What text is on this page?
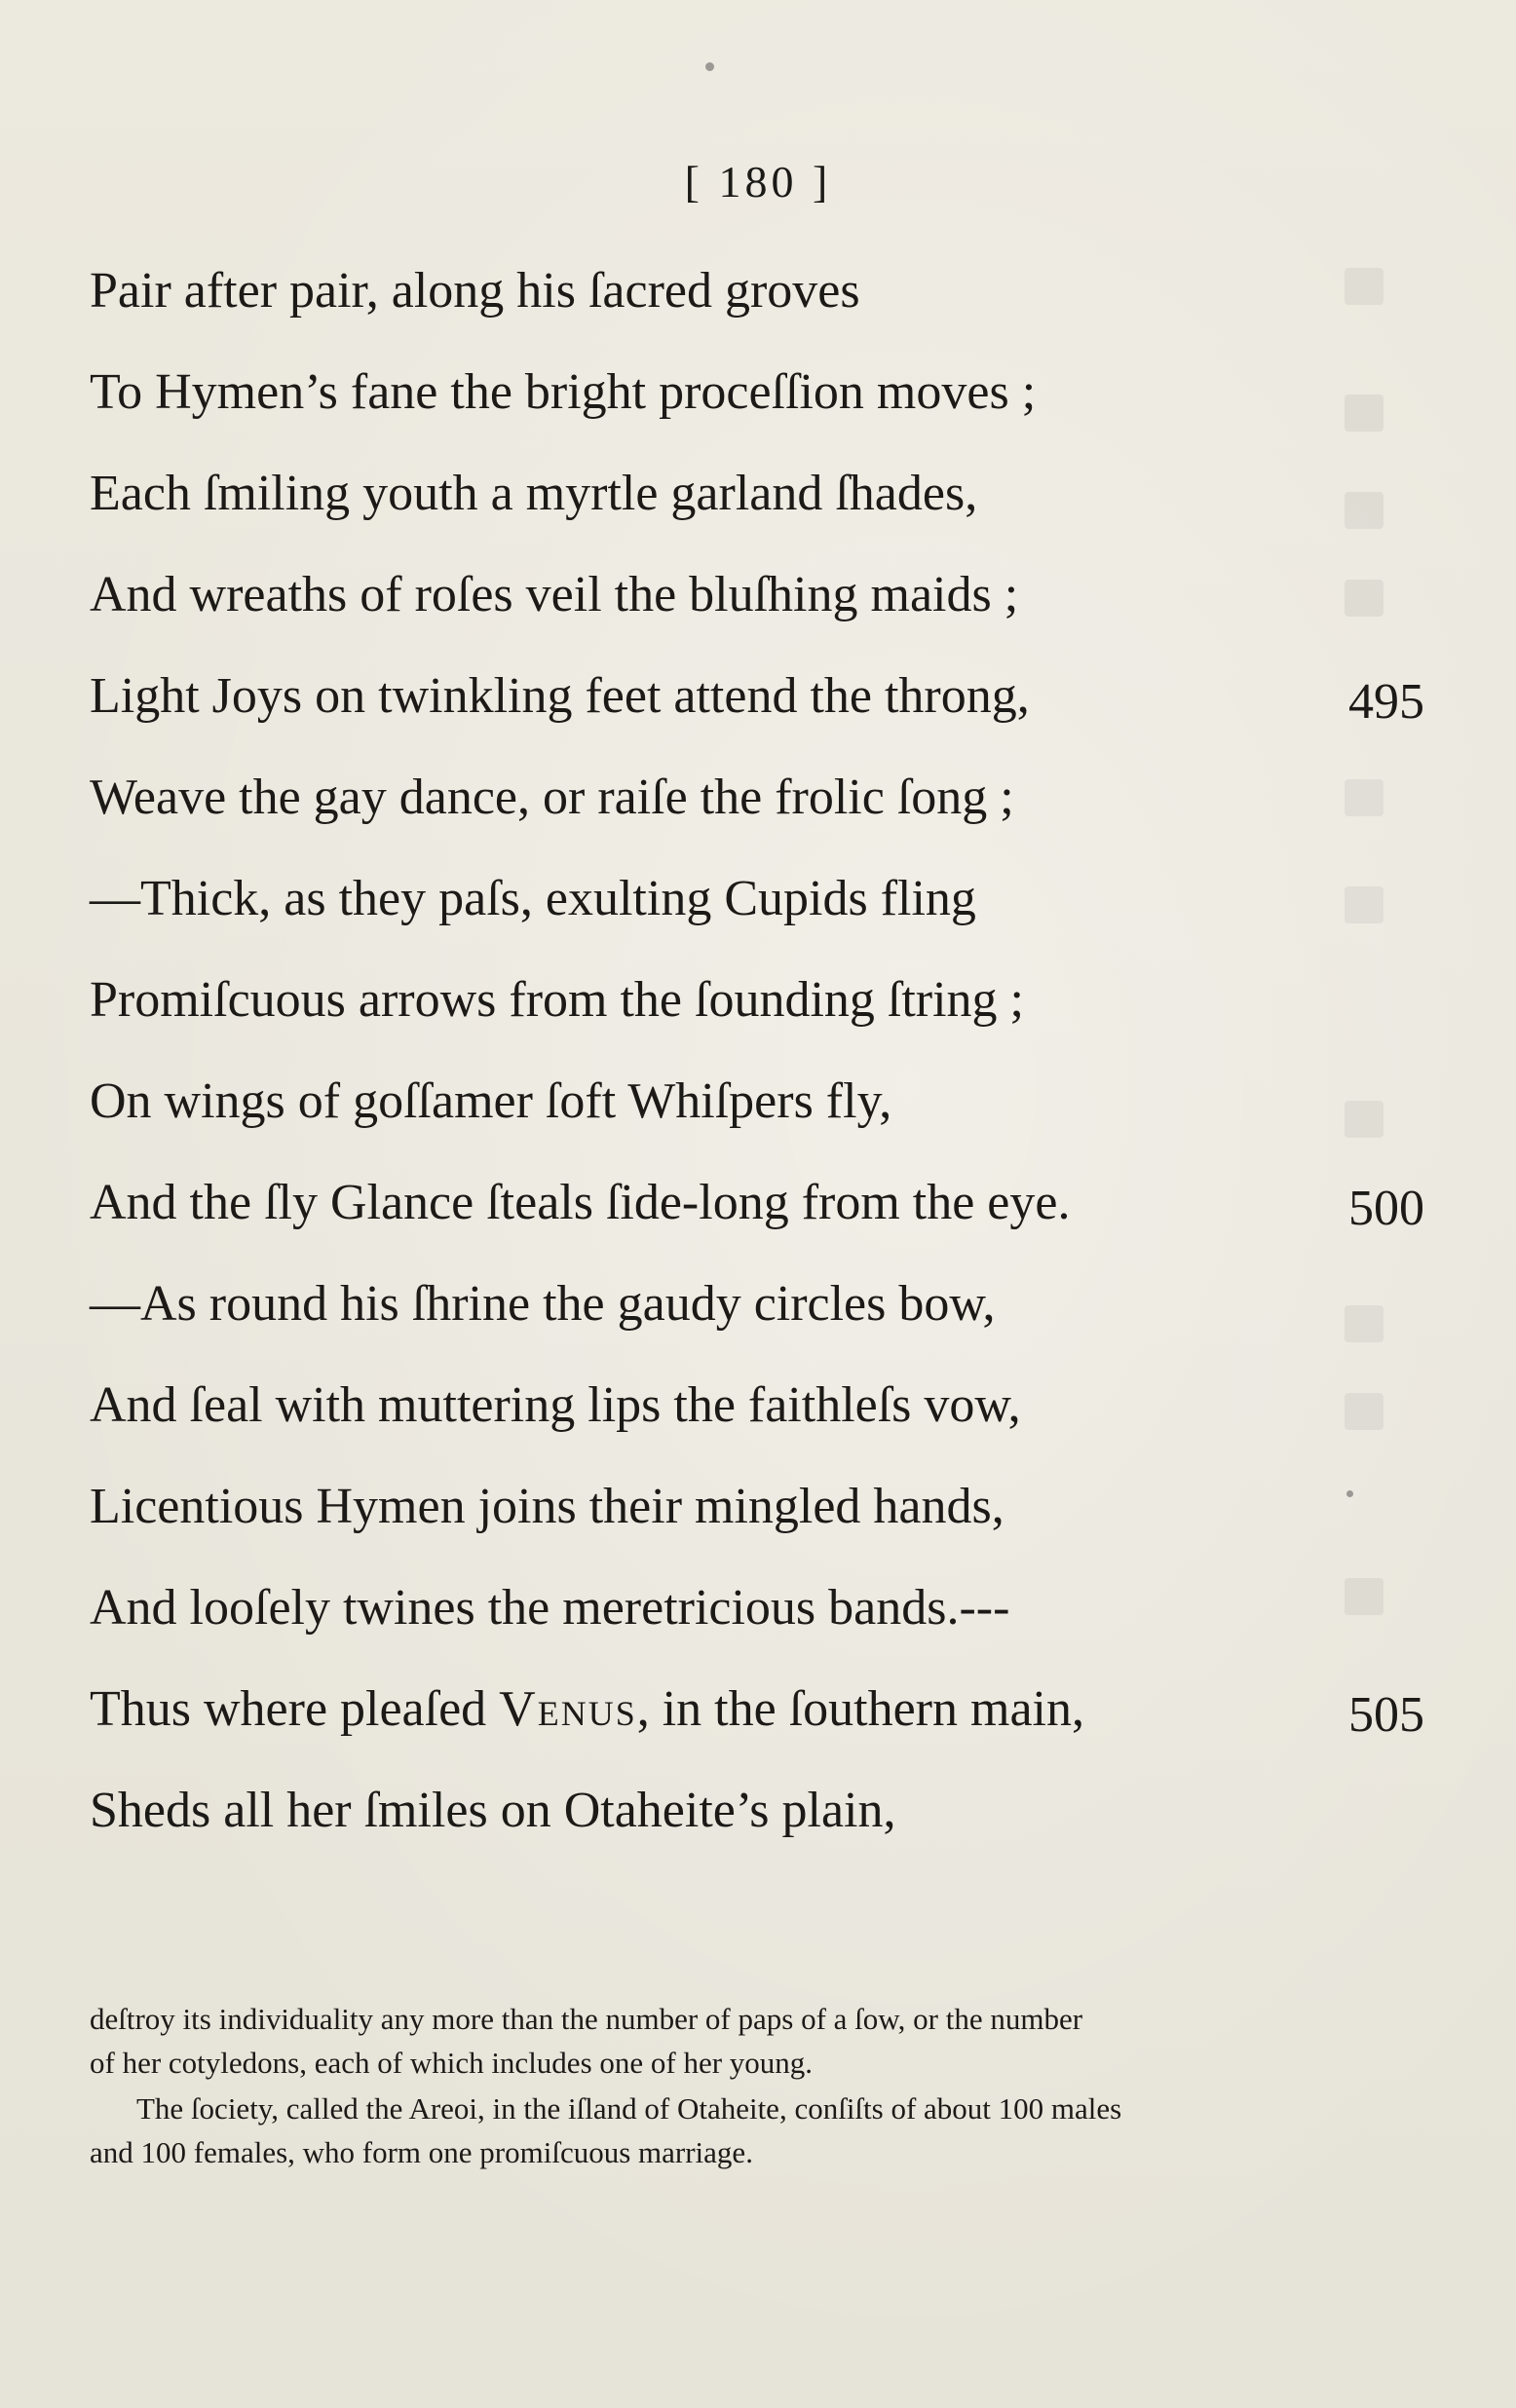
[ 180 ]
Pair after pair, along his ſacred groves
To Hymen’s fane the bright proceſſion moves ;
Each ſmiling youth a myrtle garland ſhades,
And wreaths of roſes veil the bluſhing maids ;
Light Joys on twinkling feet attend the throng,	495
Weave the gay dance, or raiſe the frolic ſong ;
—Thick, as they paſs, exulting Cupids fling
Promiſcuous arrows from the ſounding ſtring ;
On wings of goſſamer ſoft Whiſpers fly,
And the ſly Glance ſteals ſide-long from the eye.	500
—As round his ſhrine the gaudy circles bow,
And ſeal with muttering lips the faithleſs vow,
Licentious Hymen joins their mingled hands,
And looſely twines the meretricious bands.---
Thus where pleaſed Venus, in the ſouthern main,	505
Sheds all her ſmiles on Otaheite’s plain,

deſtroy its individuality any more than the number of paps of a ſow, or the number
of her cotyledons, each of which includes one of her young.

The ſociety, called the Areoi, in the iſland of Otaheite, conſiſts of about 100 males
and 100 females, who form one promiſcuous marriage.
